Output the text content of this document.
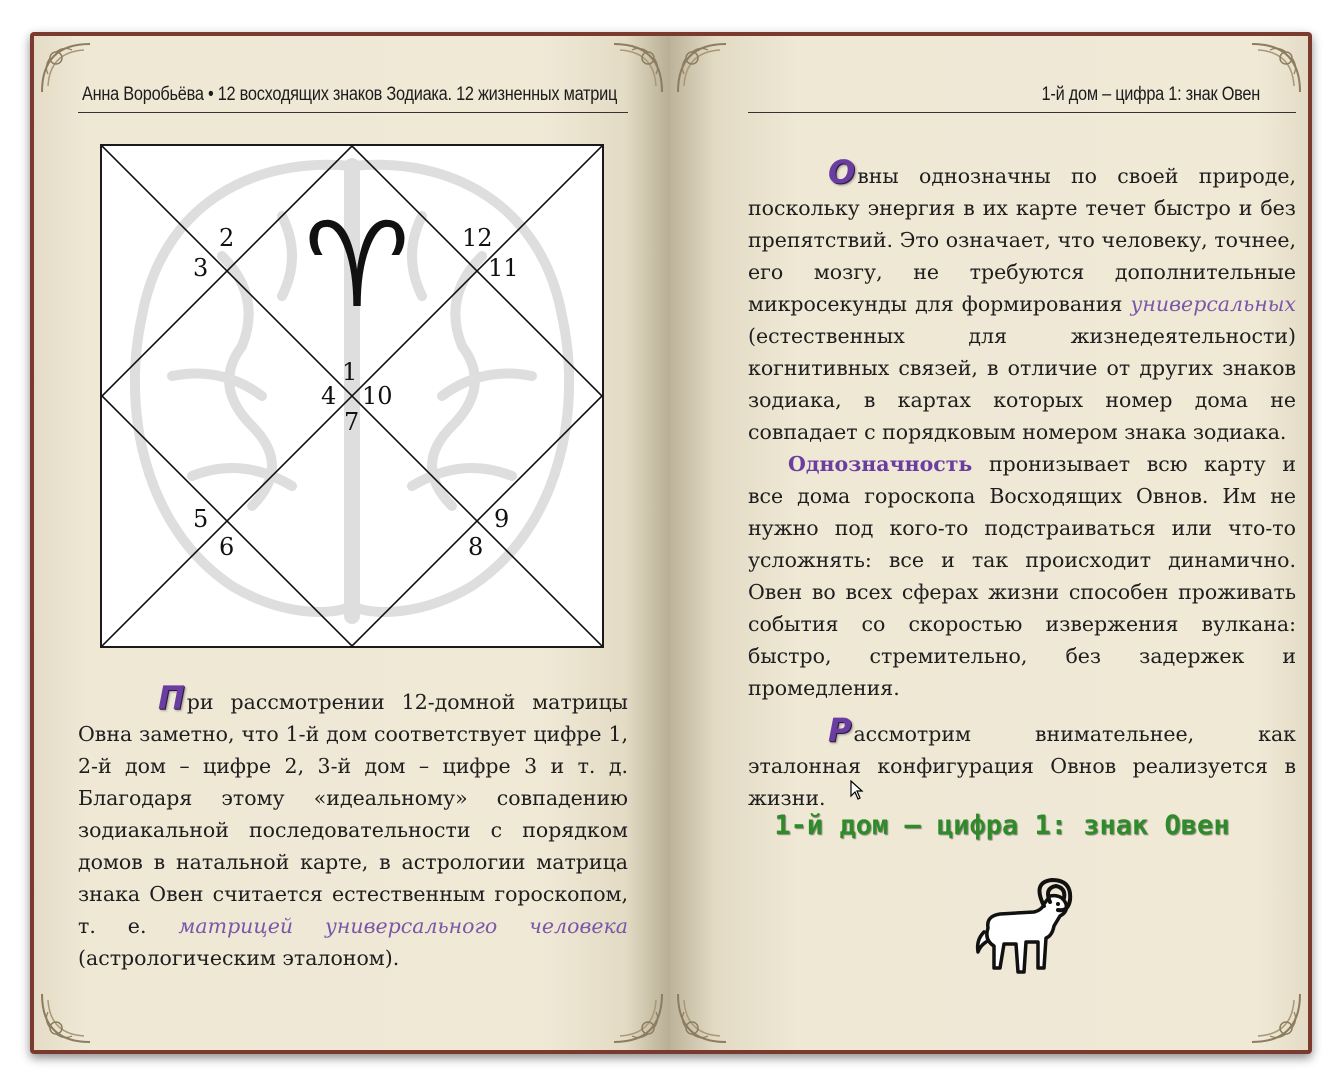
Анна Воробьёва • 12 восходящих знаков Зодиака. 12 жизненных матриц
♈
1
2
3
4
5
6
7
8
9
10
11
12

При рассмотрении 12-домной матрицы Овна заметно, что 1-й дом соответствует цифре 1, 2-й дом – цифре 2, 3-й дом – цифре 3 и т. д. Благодаря этому «идеальному» совпадению зодиакальной последовательности с порядком домов в натальной карте, в астрологии матрица знака Овен считается естественным гороскопом, т. е. матрицей универсального человека (астрологическим эталоном).

1-й дом – цифра 1: знак Овен

Овны однозначны по своей природе, поскольку энергия в их карте течет быстро и без препятствий. Это означает, что человеку, точнее, его мозгу, не требуются дополнительные микросекунды для формирования универсальных (естественных для жизнедеятельности) когнитивных связей, в отличие от других знаков зодиака, в картах которых номер дома не совпадает с порядковым номером знака зодиака.

Однозначность пронизывает всю карту и все дома гороскопа Восходящих Овнов. Им не нужно под кого-то подстраиваться или что-то усложнять: все и так происходит динамично. Овен во всех сферах жизни способен проживать события со скоростью извержения вулкана: быстро, стремительно, без задержек и промедления.

Рассмотрим внимательнее, как эталонная конфигурация Овнов реализуется в жизни.

1-й дом – цифра 1: знак Овен
